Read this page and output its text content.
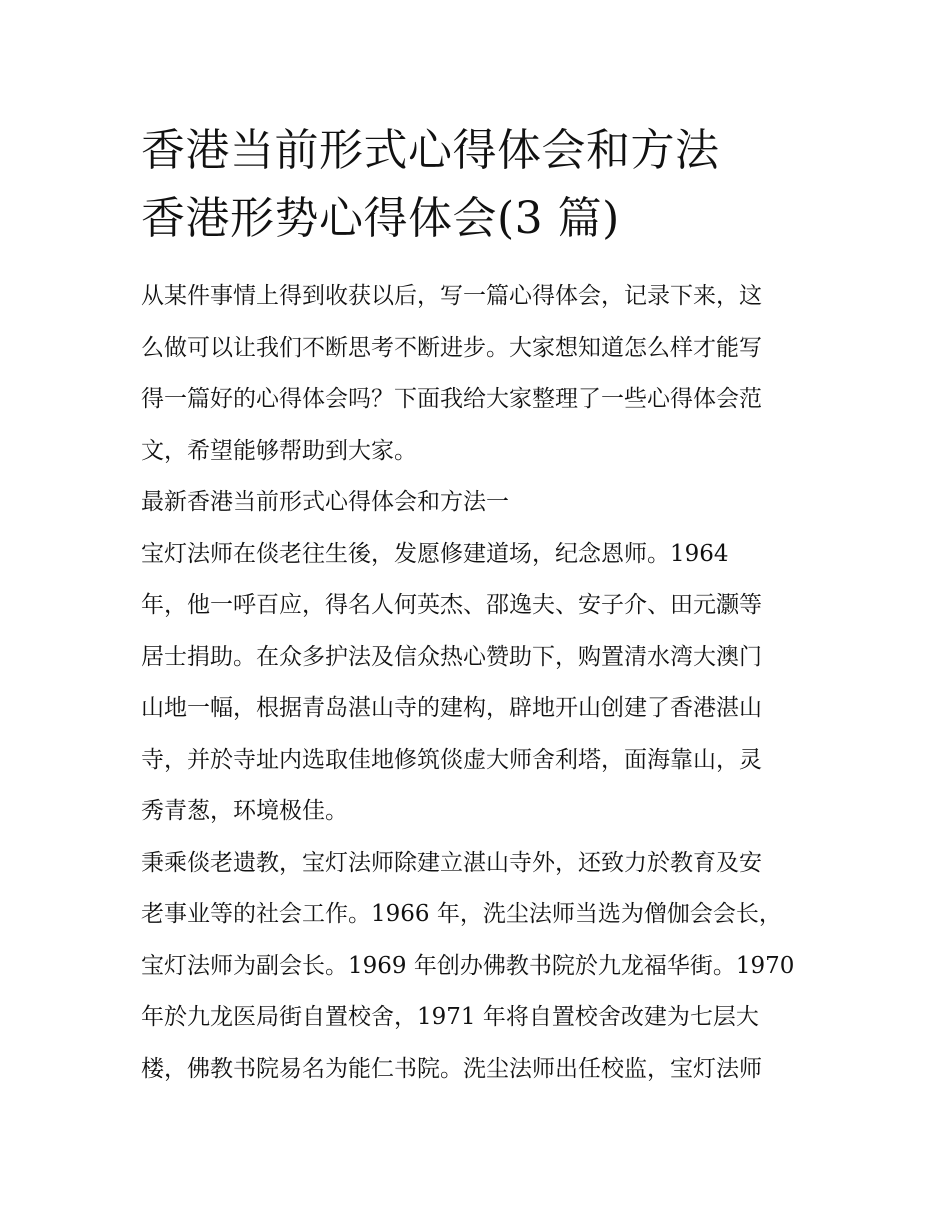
香港当前形式心得体会和方法
香港形势心得体会(3 篇)

从某件事情上得到收获以后，写一篇心得体会，记录下来，这
么做可以让我们不断思考不断进步。大家想知道怎么样才能写
得一篇好的心得体会吗？下面我给大家整理了一些心得体会范
文，希望能够帮助到大家。

最新香港当前形式心得体会和方法一

宝灯法师在倓老往生後，发愿修建道场，纪念恩师。1964
年，他一呼百应，得名人何英杰、邵逸夫、安子介、田元灏等
居士捐助。在众多护法及信众热心赞助下，购置清水湾大澳门
山地一幅，根据青岛湛山寺的建构，辟地开山创建了香港湛山
寺，并於寺址内选取佳地修筑倓虚大师舍利塔，面海靠山，灵
秀青葱，环境极佳。

秉乘倓老遗教，宝灯法师除建立湛山寺外，还致力於教育及安
老事业等的社会工作。1966 年，洗尘法师当选为僧伽会会长，
宝灯法师为副会长。1969 年创办佛教书院於九龙福华街。1970
年於九龙医局街自置校舍，1971 年将自置校舍改建为七层大
楼，佛教书院易名为能仁书院。洗尘法师出任校监，宝灯法师
